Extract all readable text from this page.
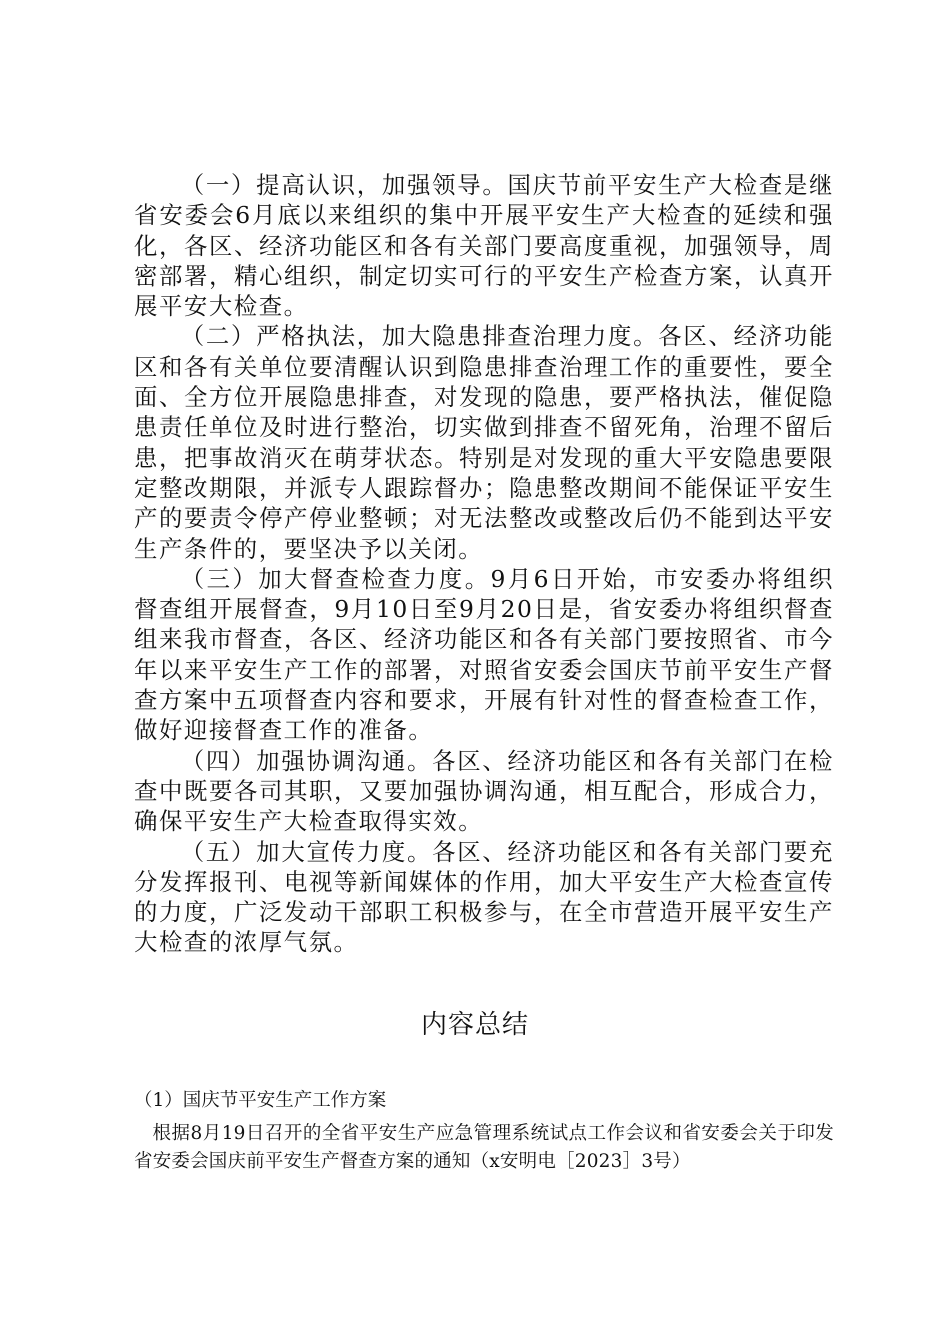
（一）提高认识，加强领导。国庆节前平安生产大检查是继省安委会6月底以来组织的集中开展平安生产大检查的延续和强化，各区、经济功能区和各有关部门要高度重视，加强领导，周密部署，精心组织，制定切实可行的平安生产检查方案，认真开展平安大检查。

（二）严格执法，加大隐患排查治理力度。各区、经济功能区和各有关单位要清醒认识到隐患排查治理工作的重要性，要全面、全方位开展隐患排查，对发现的隐患，要严格执法，催促隐患责任单位及时进行整治，切实做到排查不留死角，治理不留后患，把事故消灭在萌芽状态。特别是对发现的重大平安隐患要限定整改期限，并派专人跟踪督办；隐患整改期间不能保证平安生产的要责令停产停业整顿；对无法整改或整改后仍不能到达平安生产条件的，要坚决予以关闭。

（三）加大督查检查力度。9月6日开始，市安委办将组织督查组开展督查，9月10日至9月20日是，省安委办将组织督查组来我市督查，各区、经济功能区和各有关部门要按照省、市今年以来平安生产工作的部署，对照省安委会国庆节前平安生产督查方案中五项督查内容和要求，开展有针对性的督查检查工作，做好迎接督查工作的准备。

（四）加强协调沟通。各区、经济功能区和各有关部门在检查中既要各司其职，又要加强协调沟通，相互配合，形成合力，确保平安生产大检查取得实效。

（五）加大宣传力度。各区、经济功能区和各有关部门要充分发挥报刊、电视等新闻媒体的作用，加大平安生产大检查宣传的力度，广泛发动干部职工积极参与，在全市营造开展平安生产大检查的浓厚气氛。

内容总结

（1）国庆节平安生产工作方案

根据8月19日召开的全省平安生产应急管理系统试点工作会议和省安委会关于印发省安委会国庆前平安生产督查方案的通知（x安明电［2023］3号）
